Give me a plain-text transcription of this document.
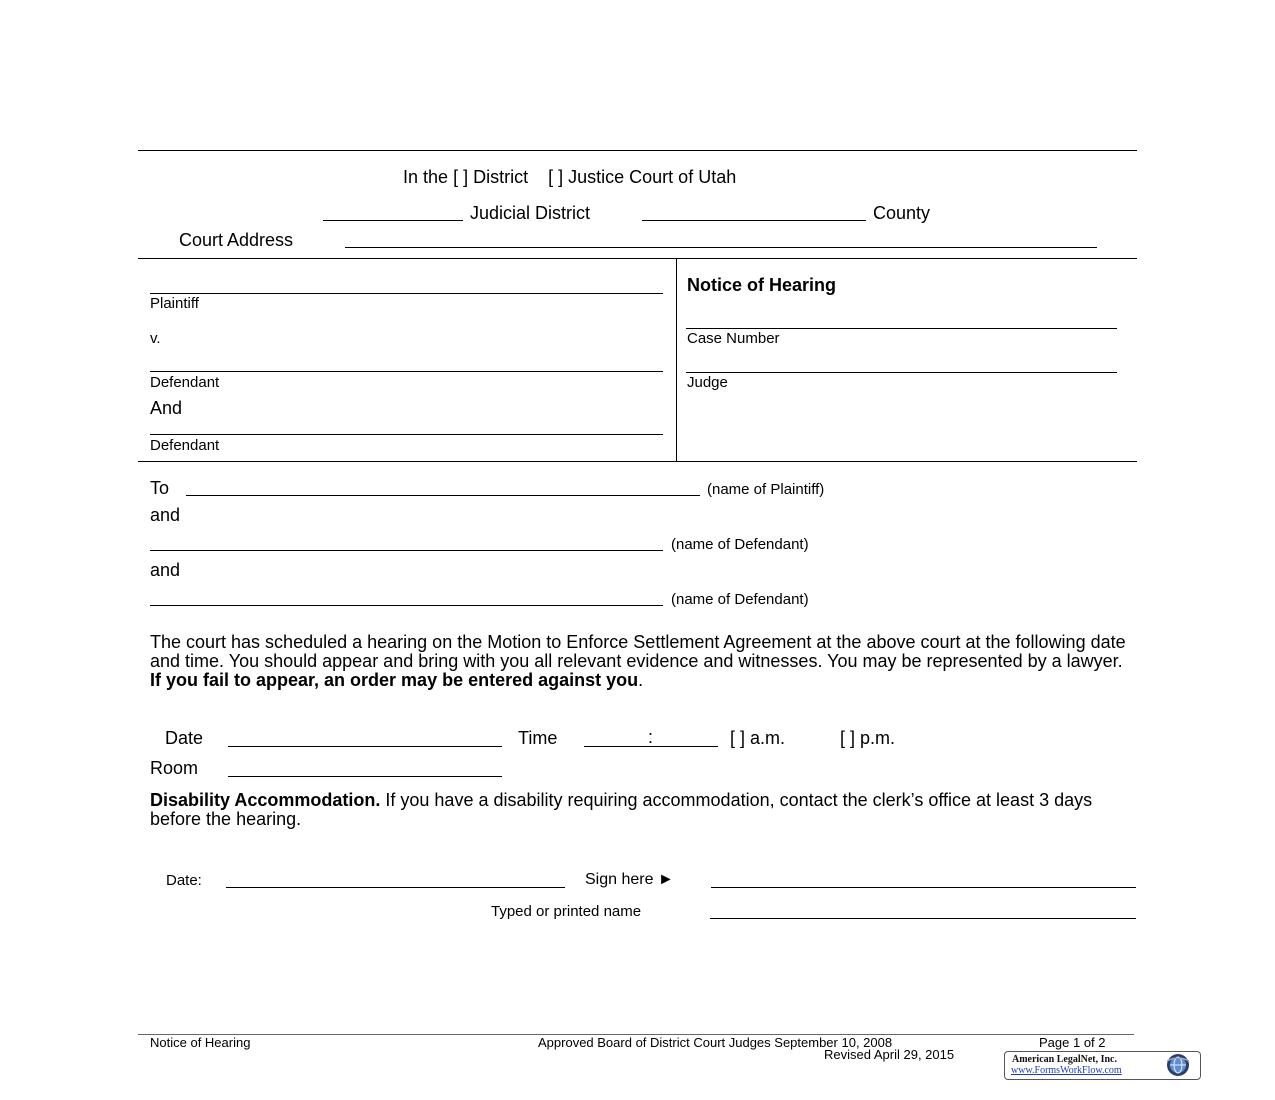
In the [ ] District [ ] Justice Court of Utah
Judicial District	County
Court Address
Plaintiff
v.
Defendant
And
Defendant
Notice of Hearing
Case Number
Judge
To	(name of Plaintiff)
and
(name of Defendant)
and
(name of Defendant)
The court has scheduled a hearing on the Motion to Enforce Settlement Agreement at the above court at the following date and time. You should appear and bring with you all relevant evidence and witnesses. You may be represented by a lawyer. If you fail to appear, an order may be entered against you.
Date	Time	:	[ ] a.m.	[ ] p.m.
Room
Disability Accommodation. If you have a disability requiring accommodation, contact the clerk’s office at least 3 days before the hearing.
Date:	Sign here ►
Typed or printed name
Notice of Hearing	Approved Board of District Court Judges September 10, 2008	Page 1 of 2
Revised April 29, 2015	American LegalNet, Inc.
www.FormsWorkFlow.com
